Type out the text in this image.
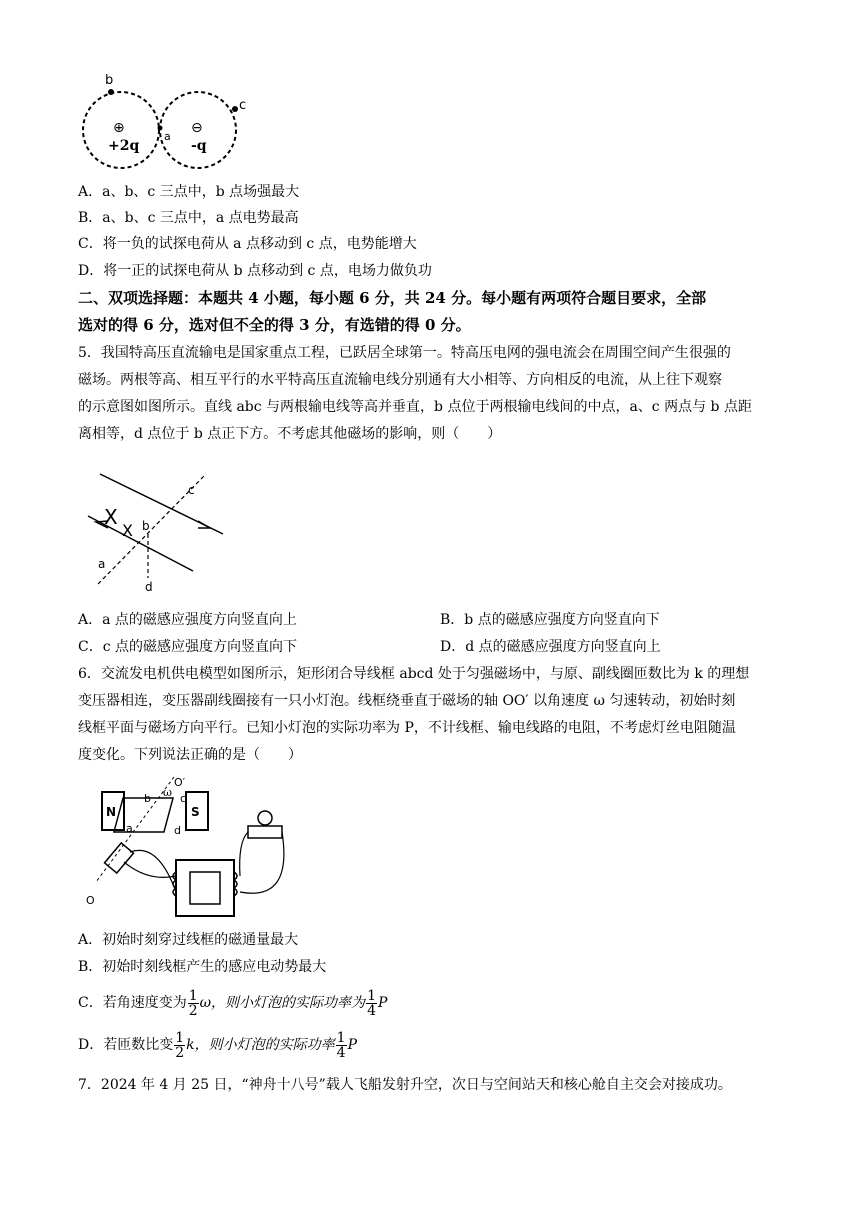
b
c
a
⊕
+2q
⊖
-q
A．a、b、c 三点中，b 点场强最大
B．a、b、c 三点中，a 点电势最高
C．将一负的试探电荷从 a 点移动到 c 点，电势能增大
D．将一正的试探电荷从 b 点移动到 c 点，电场力做负功
二、双项选择题：本题共 4 小题，每小题 6 分，共 24 分。每小题有两项符合题目要求，全部
选对的得 6 分，选对但不全的得 3 分，有选错的得 0 分。
5．我国特高压直流输电是国家重点工程，已跃居全球第一。特高压电网的强电流会在周围空间产生很强的
磁场。两根等高、相互平行的水平特高压直流输电线分别通有大小相等、方向相反的电流，从上往下观察
的示意图如图所示。直线 abc 与两根输电线等高并垂直，b 点位于两根输电线间的中点，a、c 两点与 b 点距
离相等，d 点位于 b 点正下方。不考虑其他磁场的影响，则（　　）
X
X
a
b
c
d
A．a 点的磁感应强度方向竖直向上	B．b 点的磁感应强度方向竖直向下
C．c 点的磁感应强度方向竖直向下	D．d 点的磁感应强度方向竖直向上
6．交流发电机供电模型如图所示，矩形闭合导线框 abcd 处于匀强磁场中，与原、副线圈匝数比为 k 的理想
变压器相连，变压器副线圈接有一只小灯泡。线框绕垂直于磁场的轴 OO′ 以角速度 ω 匀速转动，初始时刻
线框平面与磁场方向平行。已知小灯泡的实际功率为 P，不计线框、输电线路的电阻，不考虑灯丝电阻随温
度变化。下列说法正确的是（　　）
N	S
O′
O
ω
a
b	c
d
A．初始时刻穿过线框的磁通量最大
B．初始时刻线框产生的感应电动势最大
C．若角速度变为 $\frac{1}{2}$ ω，则小灯泡的实际功率为 $\frac{1}{4}$ P
D．若匝数比变 $\frac{1}{2}$ k，则小灯泡的实际功率 $\frac{1}{4}$ P
7．2024 年 4 月 25 日，“神舟十八号”载人飞船发射升空，次日与空间站天和核心舱自主交会对接成功。
